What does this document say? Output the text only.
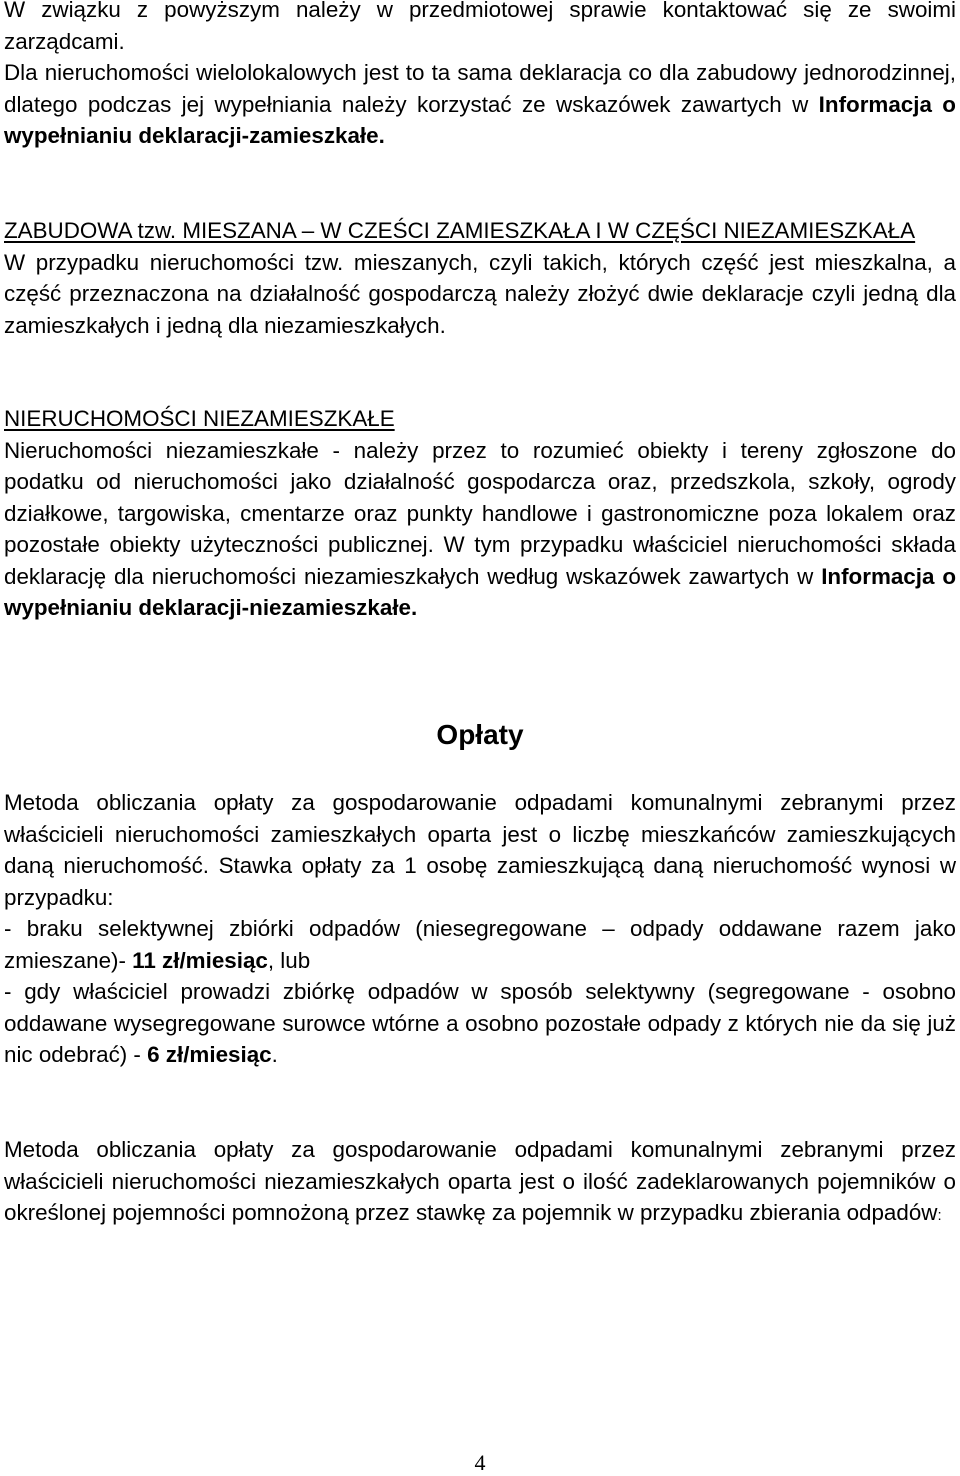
W związku z powyższym należy w przedmiotowej sprawie kontaktować się ze swoimi zarządcami.

Dla nieruchomości wielolokalowych jest to ta sama deklaracja co dla zabudowy jednorodzinnej, dlatego podczas jej wypełniania należy korzystać ze wskazówek zawartych w Informacja o wypełnianiu deklaracji-zamieszkałe.

ZABUDOWA tzw. MIESZANA – W CZEŚCI ZAMIESZKAŁA I W CZĘŚCI NIEZAMIESZKAŁA

W przypadku nieruchomości tzw. mieszanych, czyli takich, których część jest mieszkalna, a część przeznaczona na działalność gospodarczą należy złożyć dwie deklaracje czyli jedną dla zamieszkałych i jedną dla niezamieszkałych.

NIERUCHOMOŚCI NIEZAMIESZKAŁE

Nieruchomości niezamieszkałe - należy przez to rozumieć obiekty i tereny zgłoszone do podatku od nieruchomości jako działalność gospodarcza oraz, przedszkola, szkoły, ogrody działkowe, targowiska, cmentarze oraz punkty handlowe i gastronomiczne poza lokalem oraz pozostałe obiekty użyteczności publicznej. W tym przypadku właściciel nieruchomości składa deklarację dla nieruchomości niezamieszkałych według wskazówek zawartych w Informacja o wypełnianiu deklaracji-niezamieszkałe.

Opłaty

Metoda obliczania opłaty za gospodarowanie odpadami komunalnymi zebranymi przez właścicieli nieruchomości zamieszkałych oparta jest o liczbę mieszkańców zamieszkujących daną nieruchomość. Stawka opłaty za 1 osobę zamieszkującą daną nieruchomość wynosi w przypadku:

- braku selektywnej zbiórki odpadów (niesegregowane – odpady oddawane razem jako zmieszane)- 11 zł/miesiąc, lub

- gdy właściciel prowadzi zbiórkę odpadów w sposób selektywny (segregowane - osobno oddawane wysegregowane surowce wtórne a osobno pozostałe odpady z których nie da się już nic odebrać) - 6 zł/miesiąc.

Metoda obliczania opłaty za gospodarowanie odpadami komunalnymi zebranymi przez właścicieli nieruchomości niezamieszkałych oparta jest o ilość zadeklarowanych pojemników o określonej pojemności pomnożoną przez stawkę za pojemnik w przypadku zbierania odpadów:

4
